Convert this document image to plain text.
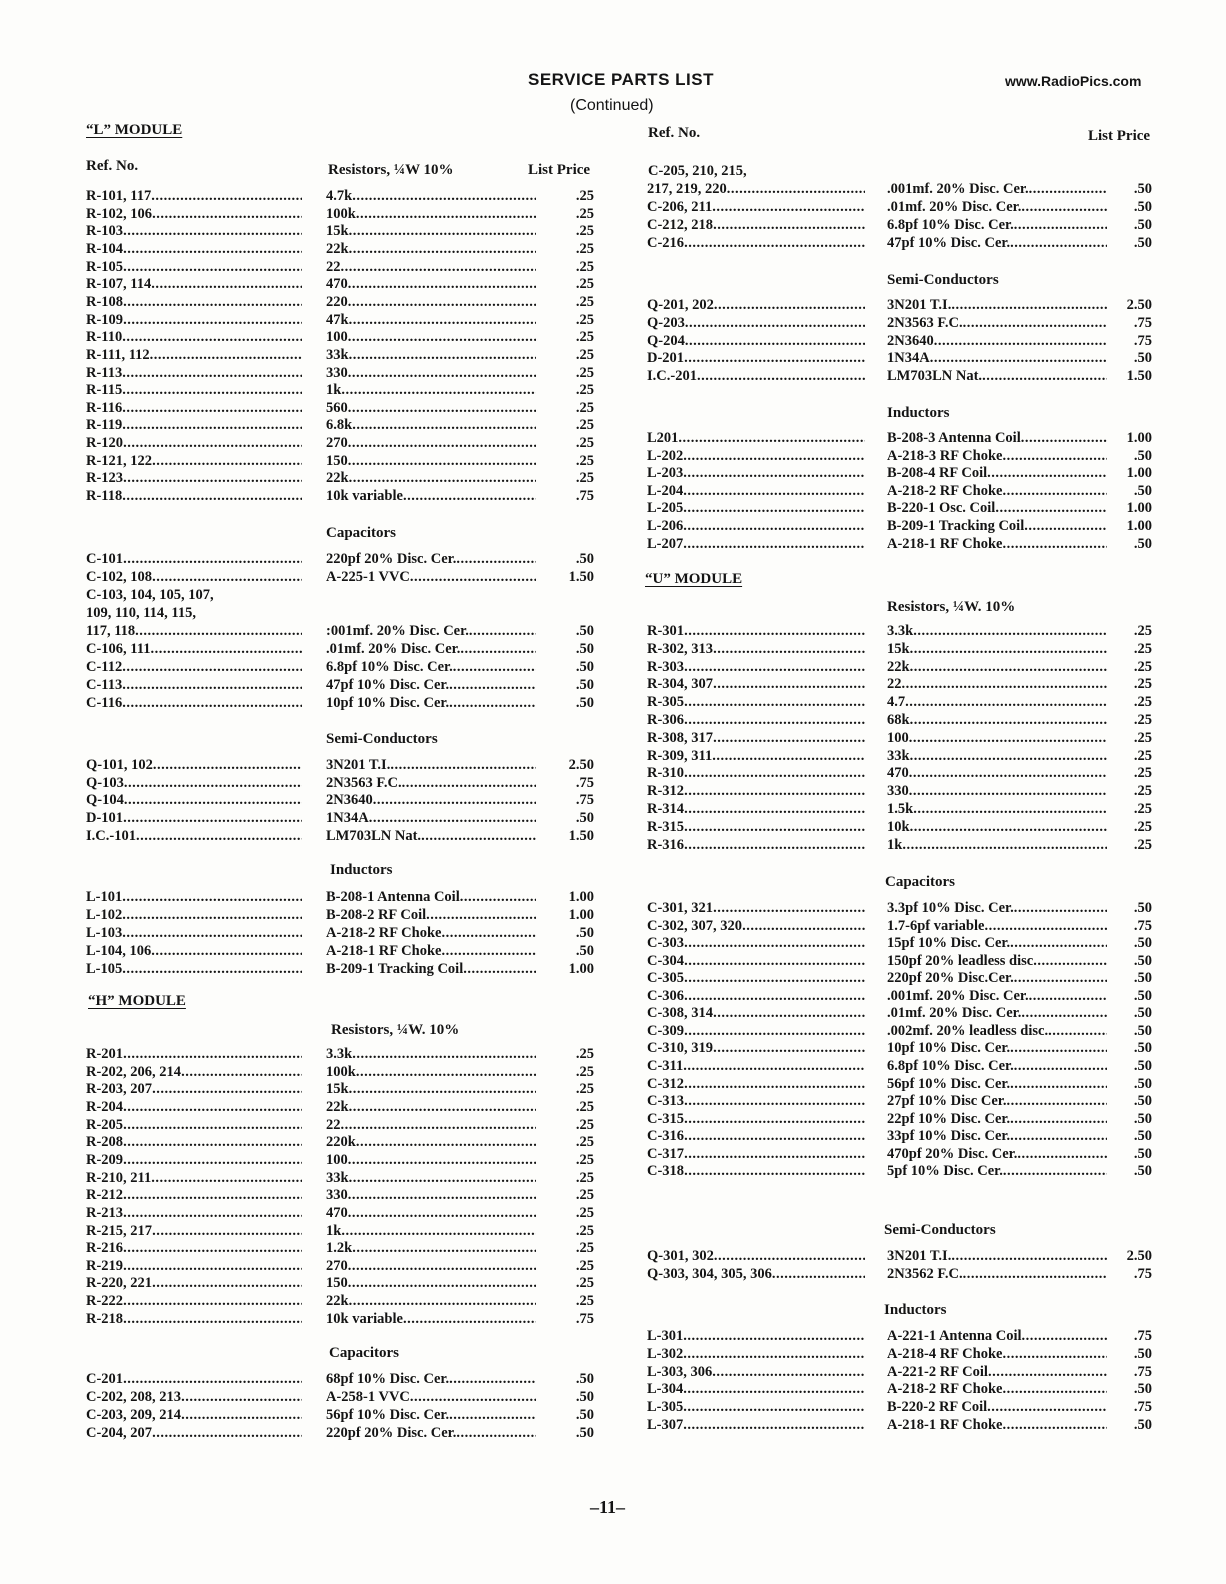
SERVICE PARTS LIST
(Continued)
www.RadioPics.com
“L” MODULE
Ref. No.	Resistors, ¼W 10%	List Price
R-101, 117 .....	4.7k .....	.25
R-102, 106 .....	100k .....	.25
R-103 .....	15k .....	.25
R-104 .....	22k .....	.25
R-105 .....	22 .....	.25
R-107, 114 .....	470 .....	.25
R-108 .....	220 .....	.25
R-109 .....	47k .....	.25
R-110 .....	100 .....	.25
R-111, 112 .....	33k .....	.25
R-113 .....	330 .....	.25
R-115 .....	1k .....	.25
R-116 .....	560 .....	.25
R-119 .....	6.8k .....	.25
R-120 .....	270 .....	.25
R-121, 122 .....	150 .....	.25
R-123 .....	22k .....	.25
R-118 .....	10k variable .....	.75
Capacitors
C-101 .....	220pf 20% Disc. Cer. .....	.50
C-102, 108 .....	A-225-1 VVC .....	1.50
C-103, 104, 105, 107,
109, 110, 114, 115,
117, 118 .....	:001mf. 20% Disc. Cer. .....	.50
C-106, 111 .....	.01mf. 20% Disc. Cer. .....	.50
C-112 .....	6.8pf 10% Disc. Cer. .....	.50
C-113 .....	47pf 10% Disc. Cer. .....	.50
C-116 .....	10pf 10% Disc. Cer. .....	.50
Semi-Conductors
Q-101, 102 .....	3N201 T.I. .....	2.50
Q-103 .....	2N3563 F.C. .....	.75
Q-104 .....	2N3640 .....	.75
D-101 .....	1N34A .....	.50
I.C.-101 .....	LM703LN Nat. .....	1.50
Inductors
L-101 .....	B-208-1 Antenna Coil .....	1.00
L-102 .....	B-208-2 RF Coil .....	1.00
L-103 .....	A-218-2 RF Choke .....	.50
L-104, 106 .....	A-218-1 RF Choke .....	.50
L-105 .....	B-209-1 Tracking Coil .....	1.00
“H” MODULE
Resistors, ¼W. 10%
R-201 .....	3.3k .....	.25
R-202, 206, 214 .....	100k .....	.25
R-203, 207 .....	15k .....	.25
R-204 .....	22k .....	.25
R-205 .....	22 .....	.25
R-208 .....	220k .....	.25
R-209 .....	100 .....	.25
R-210, 211 .....	33k .....	.25
R-212 .....	330 .....	.25
R-213 .....	470 .....	.25
R-215, 217 .....	1k .....	.25
R-216 .....	1.2k .....	.25
R-219 .....	270 .....	.25
R-220, 221 .....	150 .....	.25
R-222 .....	22k .....	.25
R-218 .....	10k variable .....	.75
Capacitors
C-201 .....	68pf 10% Disc. Cer. .....	.50
C-202, 208, 213 .....	A-258-1 VVC .....	.50
C-203, 209, 214 .....	56pf 10% Disc. Cer. .....	.50
C-204, 207 .....	220pf 20% Disc. Cer. .....	.50
Ref. No.	List Price
C-205, 210, 215,
217, 219, 220 .....	.001mf. 20% Disc. Cer. .....	.50
C-206, 211 .....	.01mf. 20% Disc. Cer. .....	.50
C-212, 218 .....	6.8pf 10% Disc. Cer. .....	.50
C-216 .....	47pf 10% Disc. Cer. .....	.50
Semi-Conductors
Q-201, 202 .....	3N201 T.I. .....	2.50
Q-203 .....	2N3563 F.C. .....	.75
Q-204 .....	2N3640 .....	.75
D-201 .....	1N34A .....	.50
I.C.-201 .....	LM703LN Nat. .....	1.50
Inductors
L201 .....	B-208-3 Antenna Coil .....	1.00
L-202 .....	A-218-3 RF Choke .....	.50
L-203 .....	B-208-4 RF Coil .....	1.00
L-204 .....	A-218-2 RF Choke .....	.50
L-205 .....	B-220-1 Osc. Coil .....	1.00
L-206 .....	B-209-1 Tracking Coil .....	1.00
L-207 .....	A-218-1 RF Choke .....	.50
“U” MODULE
Resistors, ¼W. 10%
R-301 .....	3.3k .....	.25
R-302, 313 .....	15k .....	.25
R-303 .....	22k .....	.25
R-304, 307 .....	22 .....	.25
R-305 .....	4.7 .....	.25
R-306 .....	68k .....	.25
R-308, 317 .....	100 .....	.25
R-309, 311 .....	33k .....	.25
R-310 .....	470 .....	.25
R-312 .....	330 .....	.25
R-314 .....	1.5k .....	.25
R-315 .....	10k .....	.25
R-316 .....	1k .....	.25
Capacitors
C-301, 321 .....	3.3pf 10% Disc. Cer. .....	.50
C-302, 307, 320 .....	1.7-6pf variable .....	.75
C-303 .....	15pf 10% Disc. Cer. .....	.50
C-304 .....	150pf 20% leadless disc .....	.50
C-305 .....	220pf 20% Disc.Cer. .....	.50
C-306 .....	.001mf. 20% Disc. Cer. .....	.50
C-308, 314 .....	.01mf. 20% Disc. Cer. .....	.50
C-309 .....	.002mf. 20% leadless disc. .....	.50
C-310, 319 .....	10pf 10% Disc. Cer. .....	.50
C-311 .....	6.8pf 10% Disc. Cer. .....	.50
C-312 .....	56pf 10% Disc. Cer. .....	.50
C-313 .....	27pf 10% Disc Cer. .....	.50
C-315 .....	22pf 10% Disc. Cer. .....	.50
C-316 .....	33pf 10% Disc. Cer. .....	.50
C-317 .....	470pf 20% Disc. Cer. .....	.50
C-318 .....	5pf 10% Disc. Cer. .....	.50
Semi-Conductors
Q-301, 302 .....	3N201 T.I. .....	2.50
Q-303, 304, 305, 306 .....	2N3562 F.C. .....	.75
Inductors
L-301 .....	A-221-1 Antenna Coil .....	.75
L-302 .....	A-218-4 RF Choke .....	.50
L-303, 306 .....	A-221-2 RF Coil .....	.75
L-304 .....	A-218-2 RF Choke .....	.50
L-305 .....	B-220-2 RF Coil .....	.75
L-307 .....	A-218-1 RF Choke .....	.50
–11–
